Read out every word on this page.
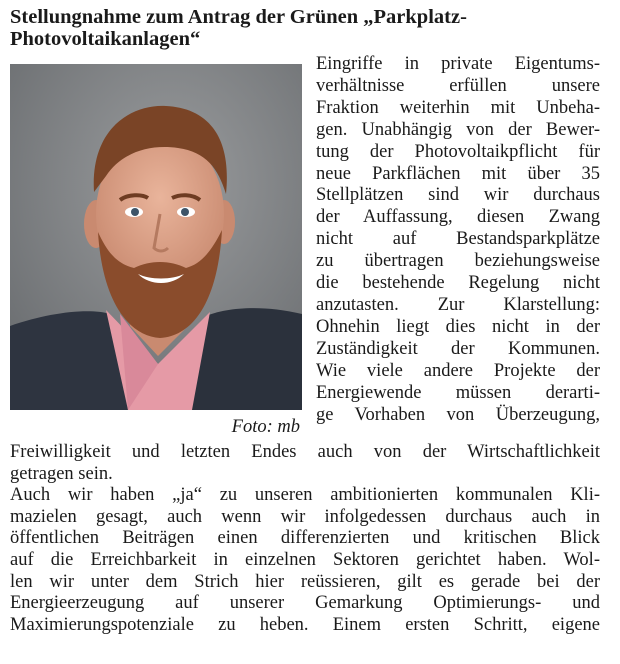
Stellungnahme zum Antrag der Grünen „Parkplatz-
Photovoltaikanlagen“
Foto: mb
Eingriffe in private Eigentums-
verhältnisse erfüllen unsere
Fraktion weiterhin mit Unbeha-
gen. Unabhängig von der Bewer-
tung der Photovoltaikpflicht für
neue Parkflächen mit über 35
Stellplätzen sind wir durchaus
der Auffassung, diesen Zwang
nicht auf Bestandsparkplätze
zu übertragen beziehungsweise
die bestehende Regelung nicht
anzutasten. Zur Klarstellung:
Ohnehin liegt dies nicht in der
Zuständigkeit der Kommunen.
Wie viele andere Projekte der
Energiewende müssen derarti-
ge Vorhaben von Überzeugung,
Freiwilligkeit und letzten Endes auch von der Wirtschaftlichkeit
getragen sein.
Auch wir haben „ja“ zu unseren ambitionierten kommunalen Kli-
mazielen gesagt, auch wenn wir infolgedessen durchaus auch in
öffentlichen Beiträgen einen differenzierten und kritischen Blick
auf die Erreichbarkeit in einzelnen Sektoren gerichtet haben. Wol-
len wir unter dem Strich hier reüssieren, gilt es gerade bei der
Energieerzeugung auf unserer Gemarkung Optimierungs- und
Maximierungspotenziale zu heben. Einem ersten Schritt, eigene
